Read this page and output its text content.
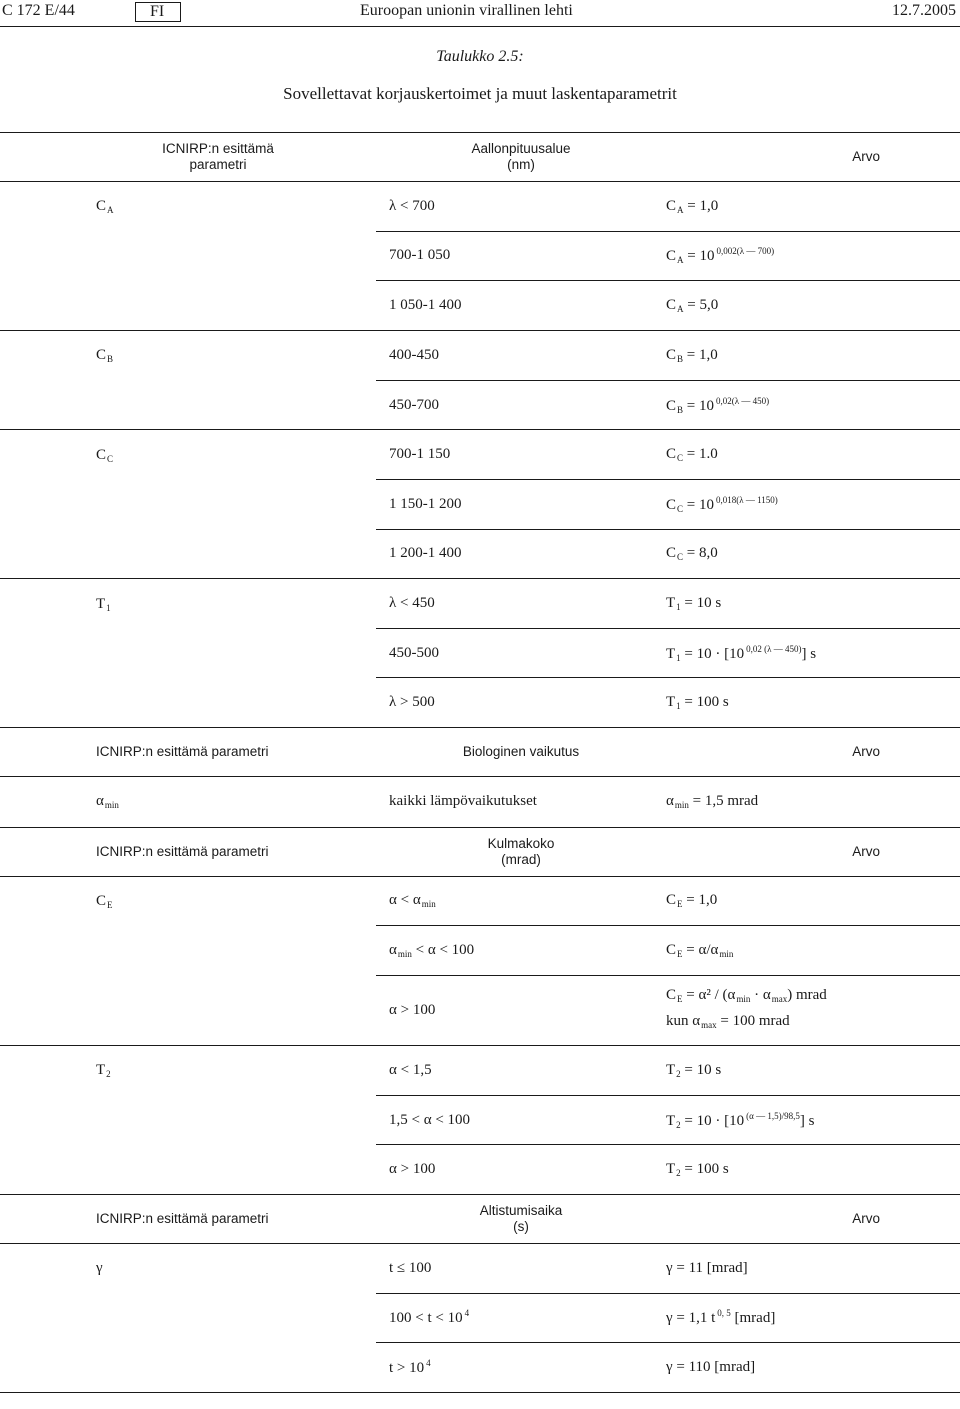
C 172 E/44	FI	Euroopan unionin virallinen lehti	12.7.2005
Taulukko 2.5:
Sovellettavat korjauskertoimet ja muut laskentaparametrit
ICNIRP:n esittämä parametri	Aallonpituusalue (nm)	Arvo
$C_A$	λ < 700	$C_A = 1,0$

	700-1 050	$C_A = 10$ $^{0,002(\lambda — 700)}$

	1 050-1 400	$C_A = 5,0$

$C_B$	400-450	$C_B = 1,0$

	450-700	$C_B = 10$ $^{0,02(\lambda — 450)}$

$C_C$	700-1 150	$C_C = 1.0$

	1 150-1 200	$C_C = 10$ $^{0,018(\lambda — 1150)}$

	1 200-1 400	$C_C = 8,0$

$T_1$	λ < 450	$T_1 = 10$ s

	450-500	$T_1 = 10 \cdot [10$ $^{0,02 (\lambda — 450)}$] s

	λ > 500	$T_1 = 100$ s

ICNIRP:n esittämä parametri	Biologinen vaikutus	Arvo
$\alpha_{min}$	kaikki lämpövaikutukset	$\alpha_{min} = 1,5$ mrad

ICNIRP:n esittämä parametri	Kulmakoko (mrad)	Arvo
$C_E$	$\alpha < \alpha_{min}$	$C_E = 1,0$

	$\alpha_{min} < \alpha < 100$	$C_E = \alpha/\alpha_{min}$

	α > 100	$C_E = \alpha^2 / (\alpha_{min} \cdot \alpha_{max})$ mrad
kun $\alpha_{max} = 100$ mrad

$T_2$	α < 1,5	$T_2 = 10$ s

	1,5 < α < 100	$T_2 = 10 \cdot [10$ $^{(\alpha — 1,5)/98,5}$] s

	α > 100	$T_2 = 100$ s

ICNIRP:n esittämä parametri	Altistumisaika (s)	Arvo
γ	t ≤ 100	γ = 11 [mrad]

	100 < t < 10 $^4$	γ = 1,1 t $^{0, 5}$ [mrad]

	t > 10 $^4$	γ = 110 [mrad]
